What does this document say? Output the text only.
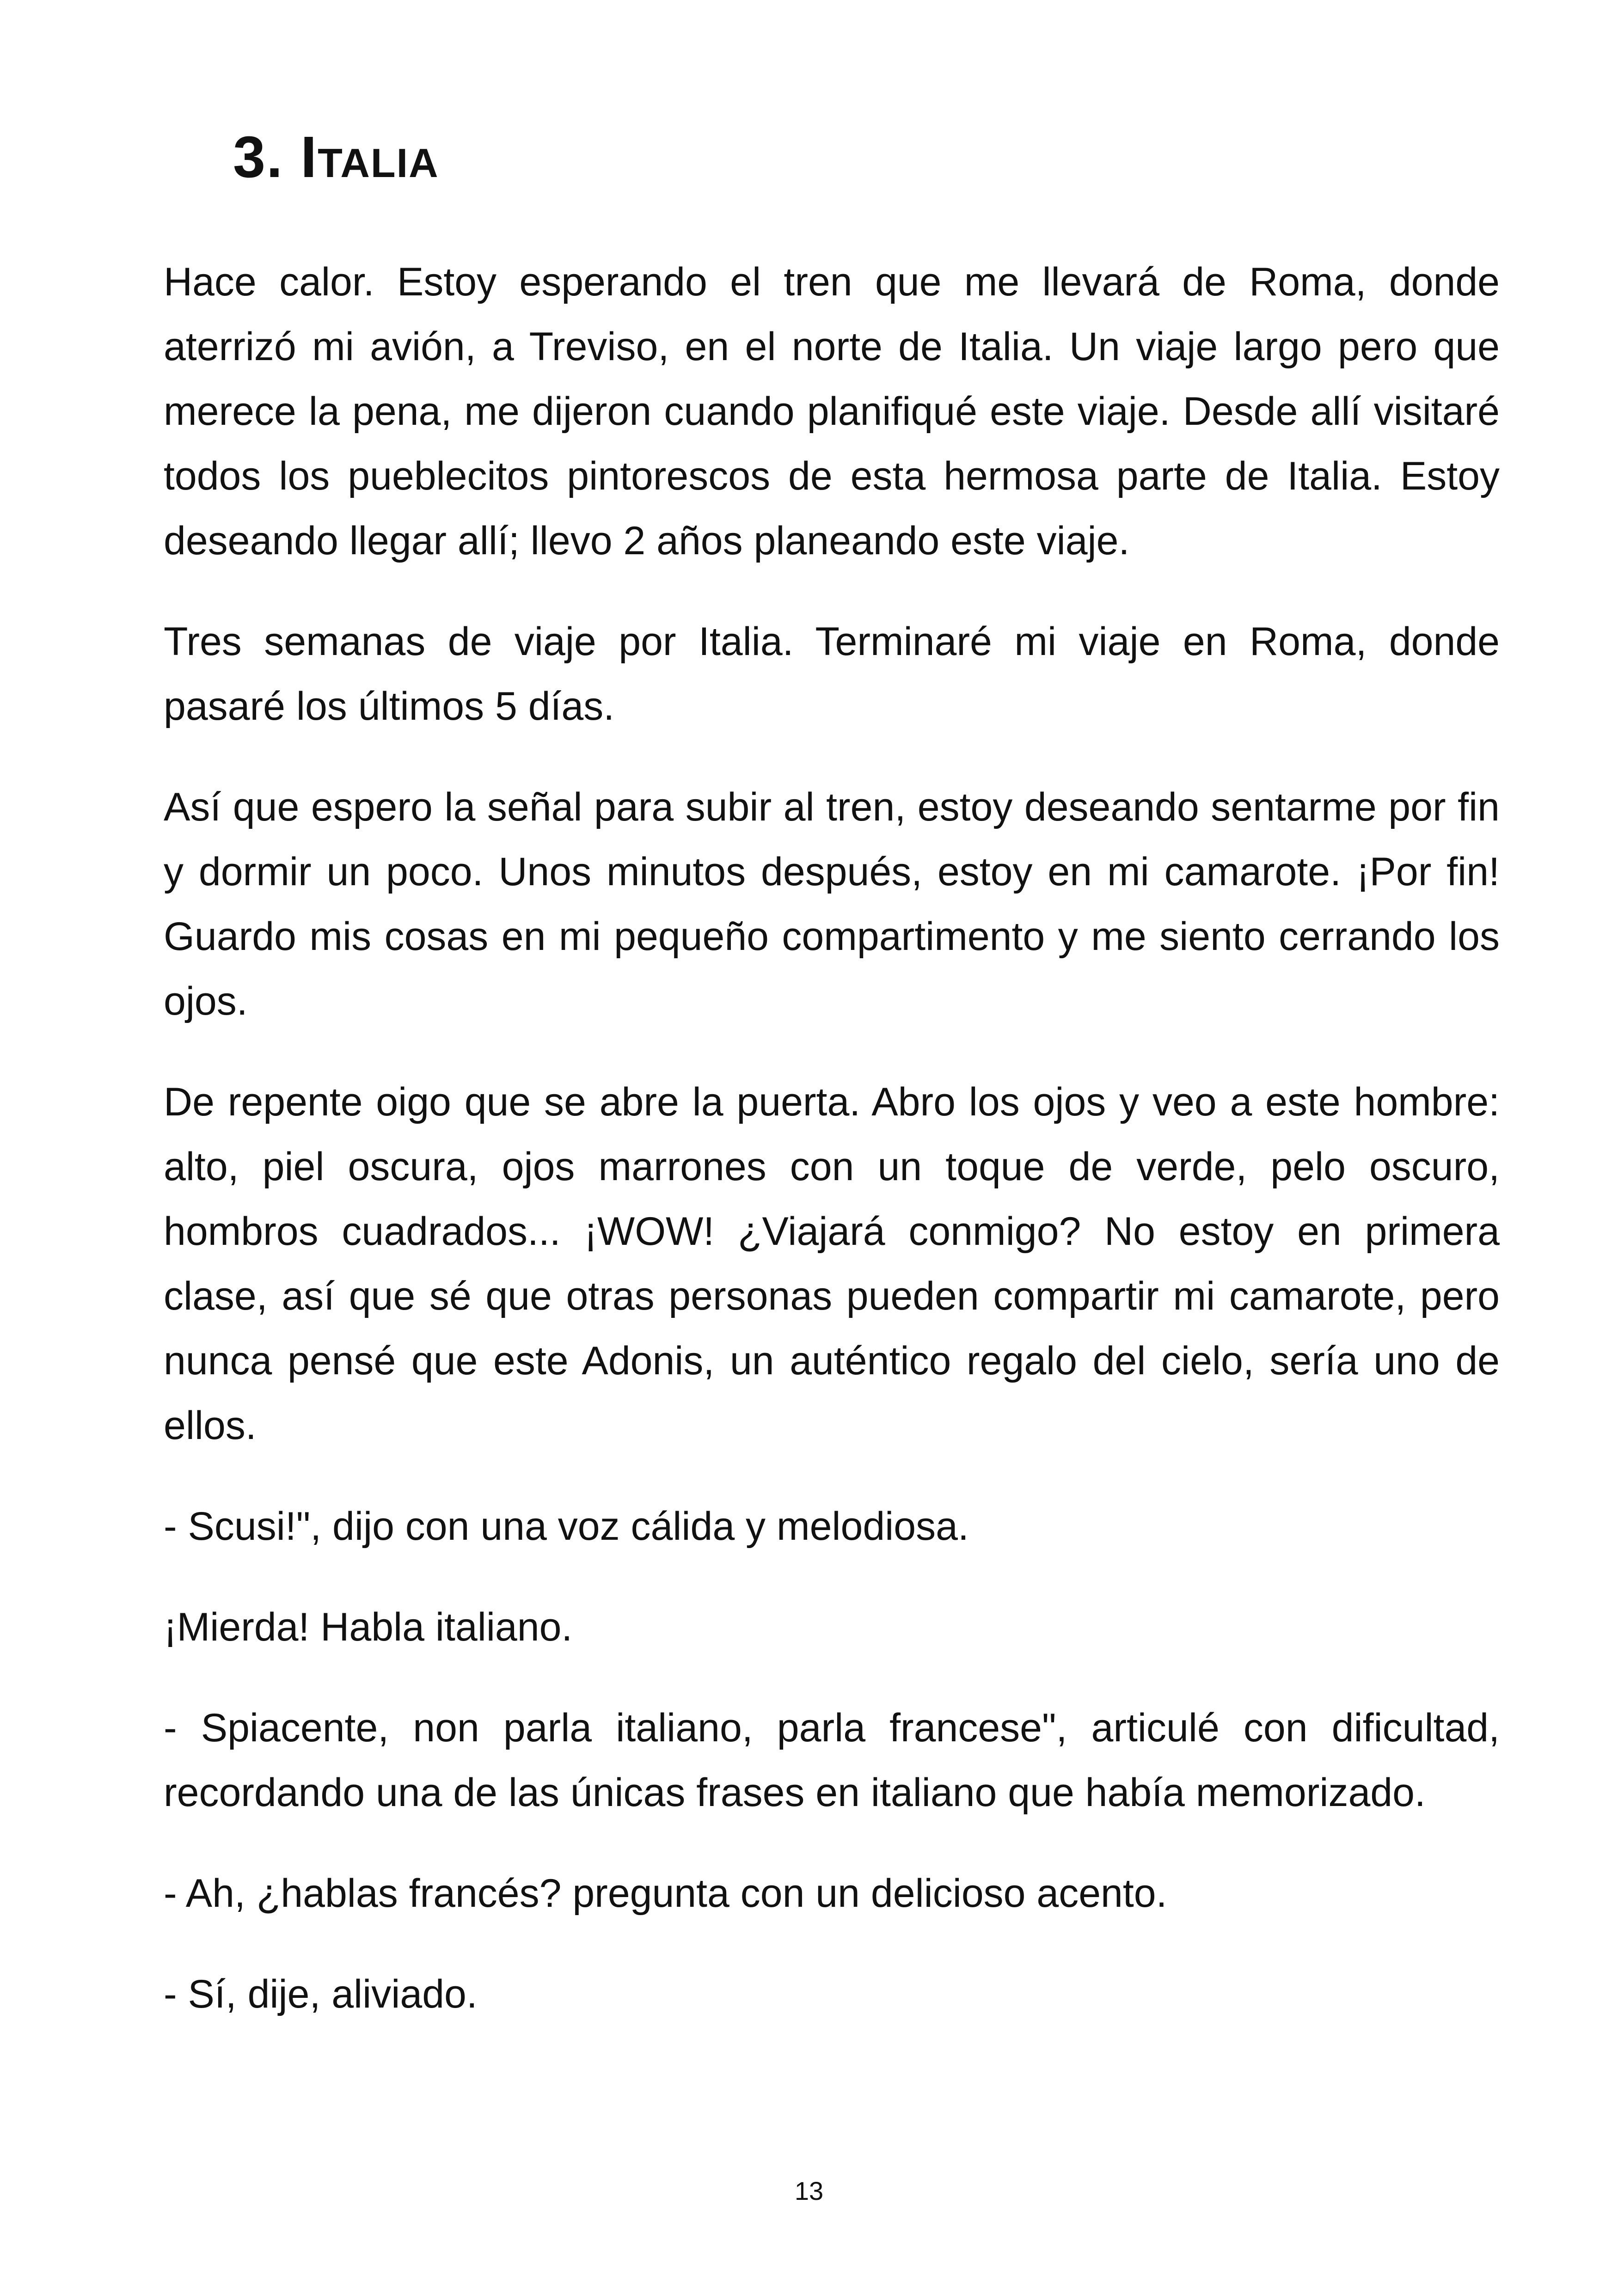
3. Italia

Hace calor. Estoy esperando el tren que me llevará de Roma, donde aterrizó mi avión, a Treviso, en el norte de Italia. Un viaje largo pero que merece la pena, me dijeron cuando planifiqué este viaje. Desde allí visitaré todos los pueblecitos pintorescos de esta hermosa parte de Italia. Estoy deseando llegar allí; llevo 2 años planeando este viaje.

Tres semanas de viaje por Italia. Terminaré mi viaje en Roma, donde pasaré los últimos 5 días.

Así que espero la señal para subir al tren, estoy deseando sentarme por fin y dormir un poco. Unos minutos después, estoy en mi camarote. ¡Por fin! Guardo mis cosas en mi pequeño compartimento y me siento cerrando los ojos.

De repente oigo que se abre la puerta. Abro los ojos y veo a este hombre: alto, piel oscura, ojos marrones con un toque de verde, pelo oscuro, hombros cuadrados... ¡WOW! ¿Viajará conmigo? No estoy en primera clase, así que sé que otras personas pueden compartir mi camarote, pero nunca pensé que este Adonis, un auténtico regalo del cielo, sería uno de ellos.

- Scusi!", dijo con una voz cálida y melodiosa.

¡Mierda! Habla italiano.

- Spiacente, non parla italiano, parla francese", articulé con dificultad, recordando una de las únicas frases en italiano que había memorizado.

- Ah, ¿hablas francés? pregunta con un delicioso acento.

- Sí, dije, aliviado.

13
